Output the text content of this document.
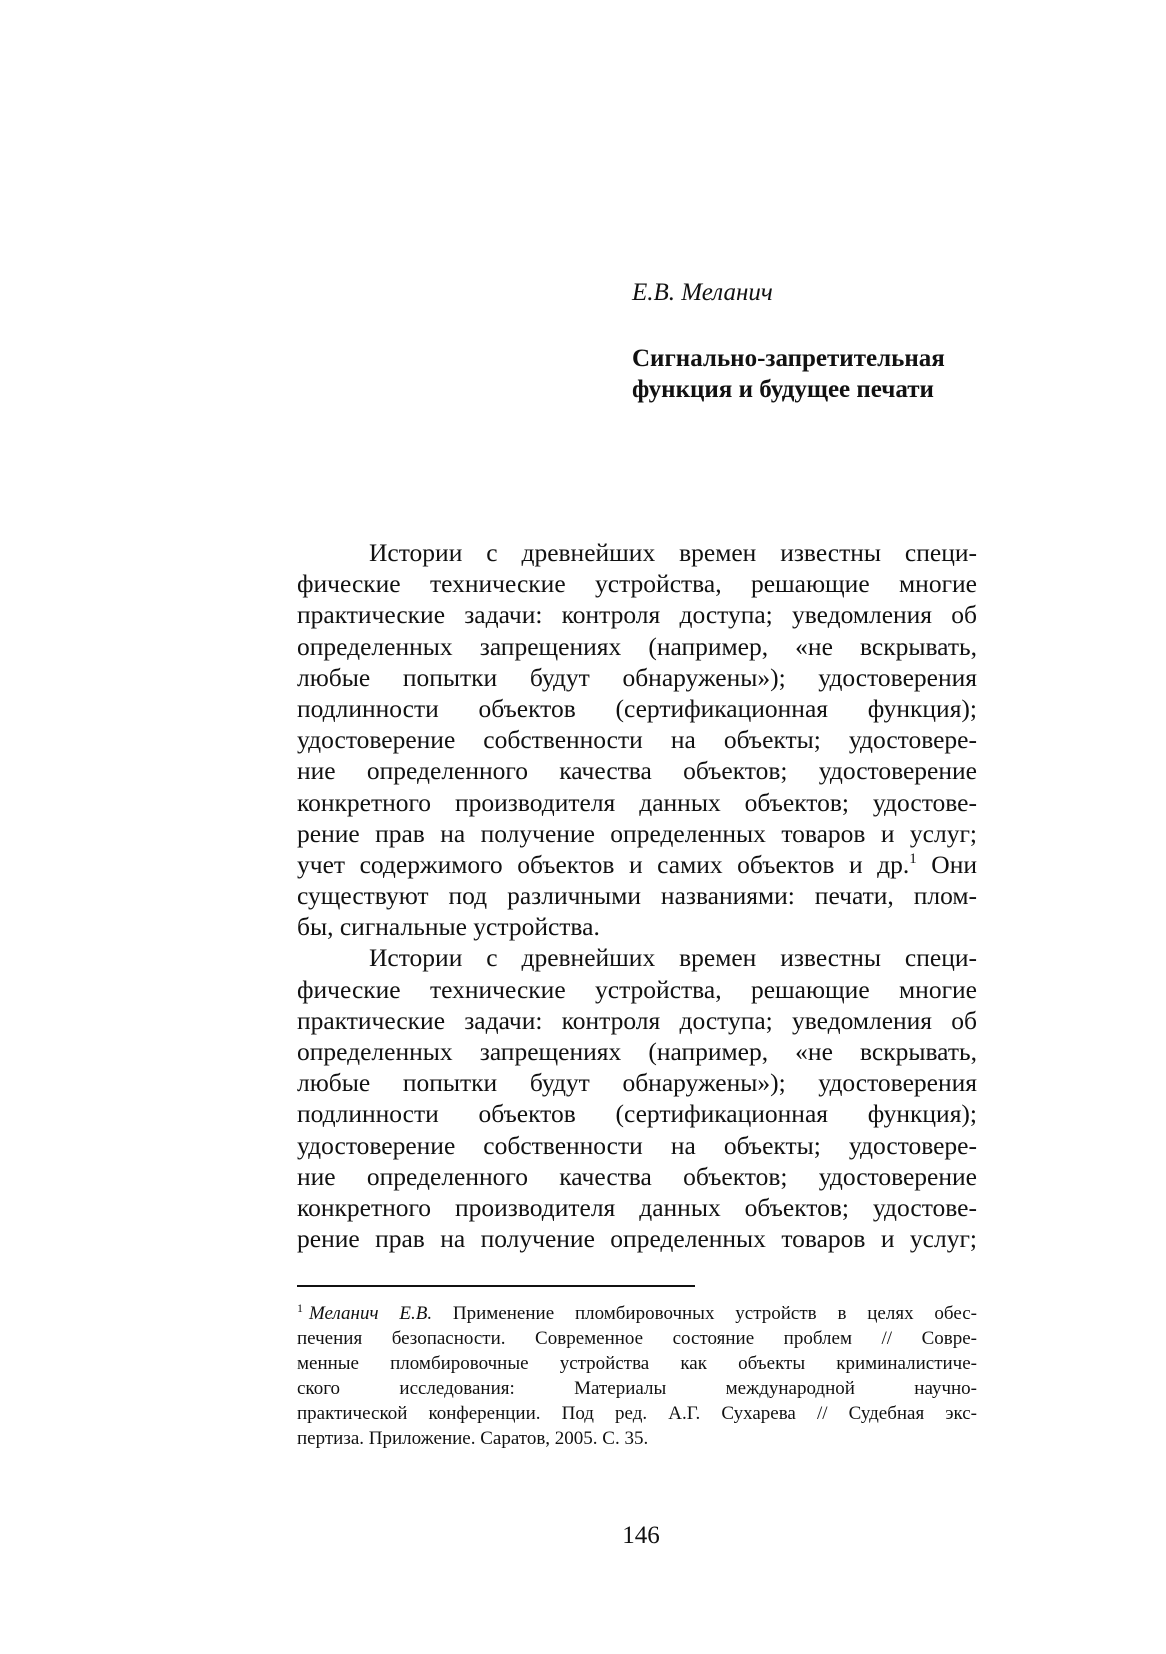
Е.В. Меланич
Сигнально-запретительная
функция и будущее печати
Истории с древнейших времен известны специ-
фические технические устройства, решающие многие
практические задачи: контроля доступа; уведомления об
определенных запрещениях (например, «не вскрывать,
любые попытки будут обнаружены»); удостоверения
подлинности объектов (сертификационная функция);
удостоверение собственности на объекты; удостовере-
ние определенного качества объектов; удостоверение
конкретного производителя данных объектов; удостове-
рение прав на получение определенных товаров и услуг;
учет содержимого объектов и самих объектов и др.$^1$ Они
существуют под различными названиями: печати, плом-
бы, сигнальные устройства.
Истории с древнейших времен известны специ-
фические технические устройства, решающие многие
практические задачи: контроля доступа; уведомления об
определенных запрещениях (например, «не вскрывать,
любые попытки будут обнаружены»); удостоверения
подлинности объектов (сертификационная функция);
удостоверение собственности на объекты; удостовере-
ние определенного качества объектов; удостоверение
конкретного производителя данных объектов; удостове-
рение прав на получение определенных товаров и услуг;
$^1$ Меланич Е.В. Применение пломбировочных устройств в целях обес-
печения безопасности. Современное состояние проблем // Совре-
менные пломбировочные устройства как объекты криминалистиче-
ского исследования: Материалы международной научно-
практической конференции. Под ред. А.Г. Сухарева // Судебная экс-
пертиза. Приложение. Саратов, 2005. С. 35.
146
